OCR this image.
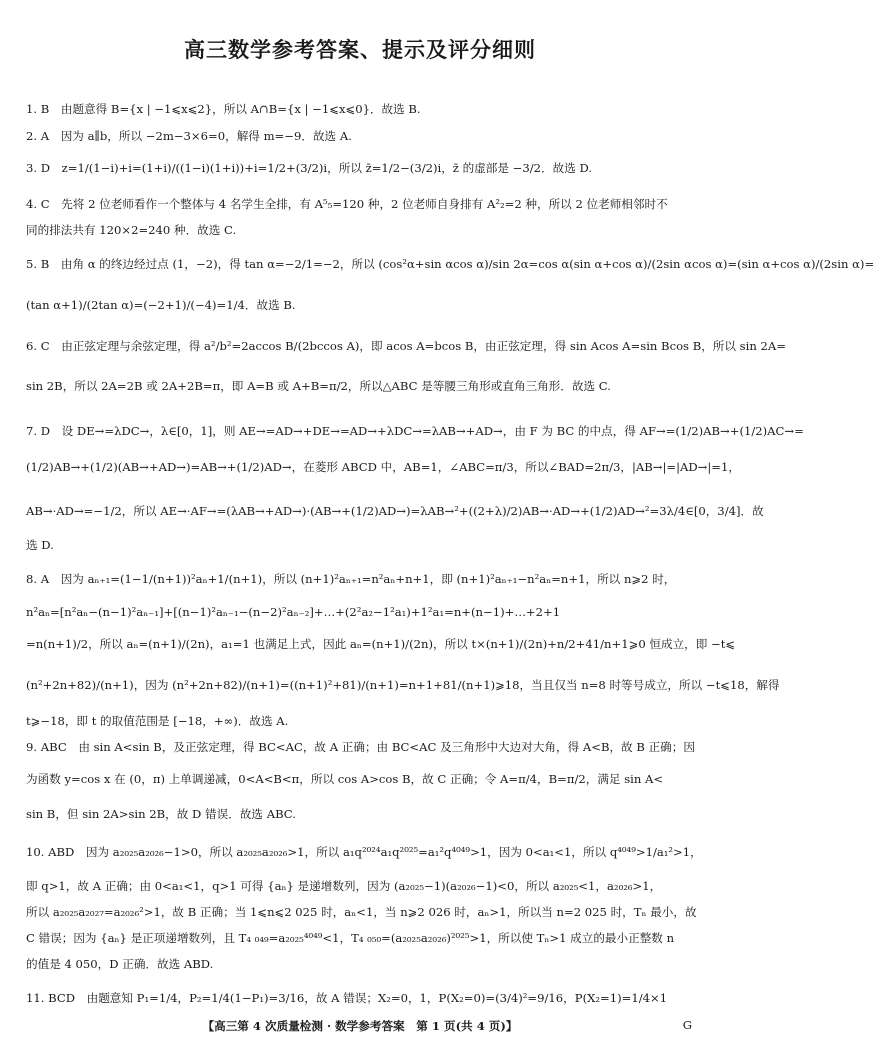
高三数学参考答案、提示及评分细则
1. B　由题意得 B={x | −1⩽x⩽2}，所以 A∩B={x | −1⩽x⩽0}．故选 B.
2. A　因为 a∥b，所以 −2m−3×6=0，解得 m=−9．故选 A.
3. D　z=1/(1−i)+i=(1+i)/((1−i)(1+i))+i=1/2+(3/2)i，所以 z̄=1/2−(3/2)i，z̄ 的虚部是 −3/2．故选 D.
4. C　先将 2 位老师看作一个整体与 4 名学生全排，有 A⁵₅=120 种，2 位老师自身排有 A²₂=2 种，所以 2 位老师相邻时不
同的排法共有 120×2=240 种．故选 C.
5. B　由角 α 的终边经过点 (1，−2)，得 tan α=−2/1=−2，所以 (cos²α+sin αcos α)/sin 2α=cos α(sin α+cos α)/(2sin αcos α)=(sin α+cos α)/(2sin α)=
(tan α+1)/(2tan α)=(−2+1)/(−4)=1/4．故选 B.
6. C　由正弦定理与余弦定理，得 a²/b²=2accos B/(2bccos A)，即 acos A=bcos B，由正弦定理，得 sin Acos A=sin Bcos B，所以 sin 2A=
sin 2B，所以 2A=2B 或 2A+2B=π，即 A=B 或 A+B=π/2，所以△ABC 是等腰三角形或直角三角形．故选 C.
7. D　设 DE→=λDC→，λ∈[0，1]，则 AE→=AD→+DE→=AD→+λDC→=λAB→+AD→，由 F 为 BC 的中点，得 AF→=(1/2)AB→+(1/2)AC→=
(1/2)AB→+(1/2)(AB→+AD→)=AB→+(1/2)AD→，在菱形 ABCD 中，AB=1，∠ABC=π/3，所以∠BAD=2π/3，|AB→|=|AD→|=1，
AB→·AD→=−1/2，所以 AE→·AF→=(λAB→+AD→)·(AB→+(1/2)AD→)=λAB→²+((2+λ)/2)AB→·AD→+(1/2)AD→²=3λ/4∈[0，3/4]．故
选 D.
8. A　因为 aₙ₊₁=(1−1/(n+1))²aₙ+1/(n+1)，所以 (n+1)²aₙ₊₁=n²aₙ+n+1，即 (n+1)²aₙ₊₁−n²aₙ=n+1，所以 n⩾2 时，
n²aₙ=[n²aₙ−(n−1)²aₙ₋₁]+[(n−1)²aₙ₋₁−(n−2)²aₙ₋₂]+…+(2²a₂−1²a₁)+1²a₁=n+(n−1)+…+2+1
=n(n+1)/2，所以 aₙ=(n+1)/(2n)，a₁=1 也满足上式，因此 aₙ=(n+1)/(2n)，所以 t×(n+1)/(2n)+n/2+41/n+1⩾0 恒成立，即 −t⩽
(n²+2n+82)/(n+1)，因为 (n²+2n+82)/(n+1)=((n+1)²+81)/(n+1)=n+1+81/(n+1)⩾18，当且仅当 n=8 时等号成立，所以 −t⩽18，解得
t⩾−18，即 t 的取值范围是 [−18，+∞)．故选 A.
9. ABC　由 sin A<sin B，及正弦定理，得 BC<AC，故 A 正确；由 BC<AC 及三角形中大边对大角，得 A<B，故 B 正确；因
为函数 y=cos x 在 (0，π) 上单调递减，0<A<B<π，所以 cos A>cos B，故 C 正确；令 A=π/4，B=π/2，满足 sin A<
sin B，但 sin 2A>sin 2B，故 D 错误．故选 ABC.
10. ABD　因为 a₂₀₂₅a₂₀₂₆−1>0，所以 a₂₀₂₅a₂₀₂₆>1，所以 a₁q²⁰²⁴a₁q²⁰²⁵=a₁²q⁴⁰⁴⁹>1，因为 0<a₁<1，所以 q⁴⁰⁴⁹>1/a₁²>1，
即 q>1，故 A 正确；由 0<a₁<1，q>1 可得 {aₙ} 是递增数列，因为 (a₂₀₂₅−1)(a₂₀₂₆−1)<0，所以 a₂₀₂₅<1，a₂₀₂₆>1，
所以 a₂₀₂₅a₂₀₂₇=a₂₀₂₆²>1，故 B 正确；当 1⩽n⩽2 025 时，aₙ<1，当 n⩾2 026 时，aₙ>1，所以当 n=2 025 时，Tₙ 最小，故
C 错误；因为 {aₙ} 是正项递增数列，且 T₄ ₀₄₉=a₂₀₂₅⁴⁰⁴⁹<1，T₄ ₀₅₀=(a₂₀₂₅a₂₀₂₆)²⁰²⁵>1，所以使 Tₙ>1 成立的最小正整数 n
的值是 4 050，D 正确．故选 ABD.
11. BCD　由题意知 P₁=1/4，P₂=1/4(1−P₁)=3/16，故 A 错误；X₂=0，1，P(X₂=0)=(3/4)²=9/16，P(X₂=1)=1/4×1
【高三第 4 次质量检测 · 数学参考答案　第 1 页(共 4 页)】	G
